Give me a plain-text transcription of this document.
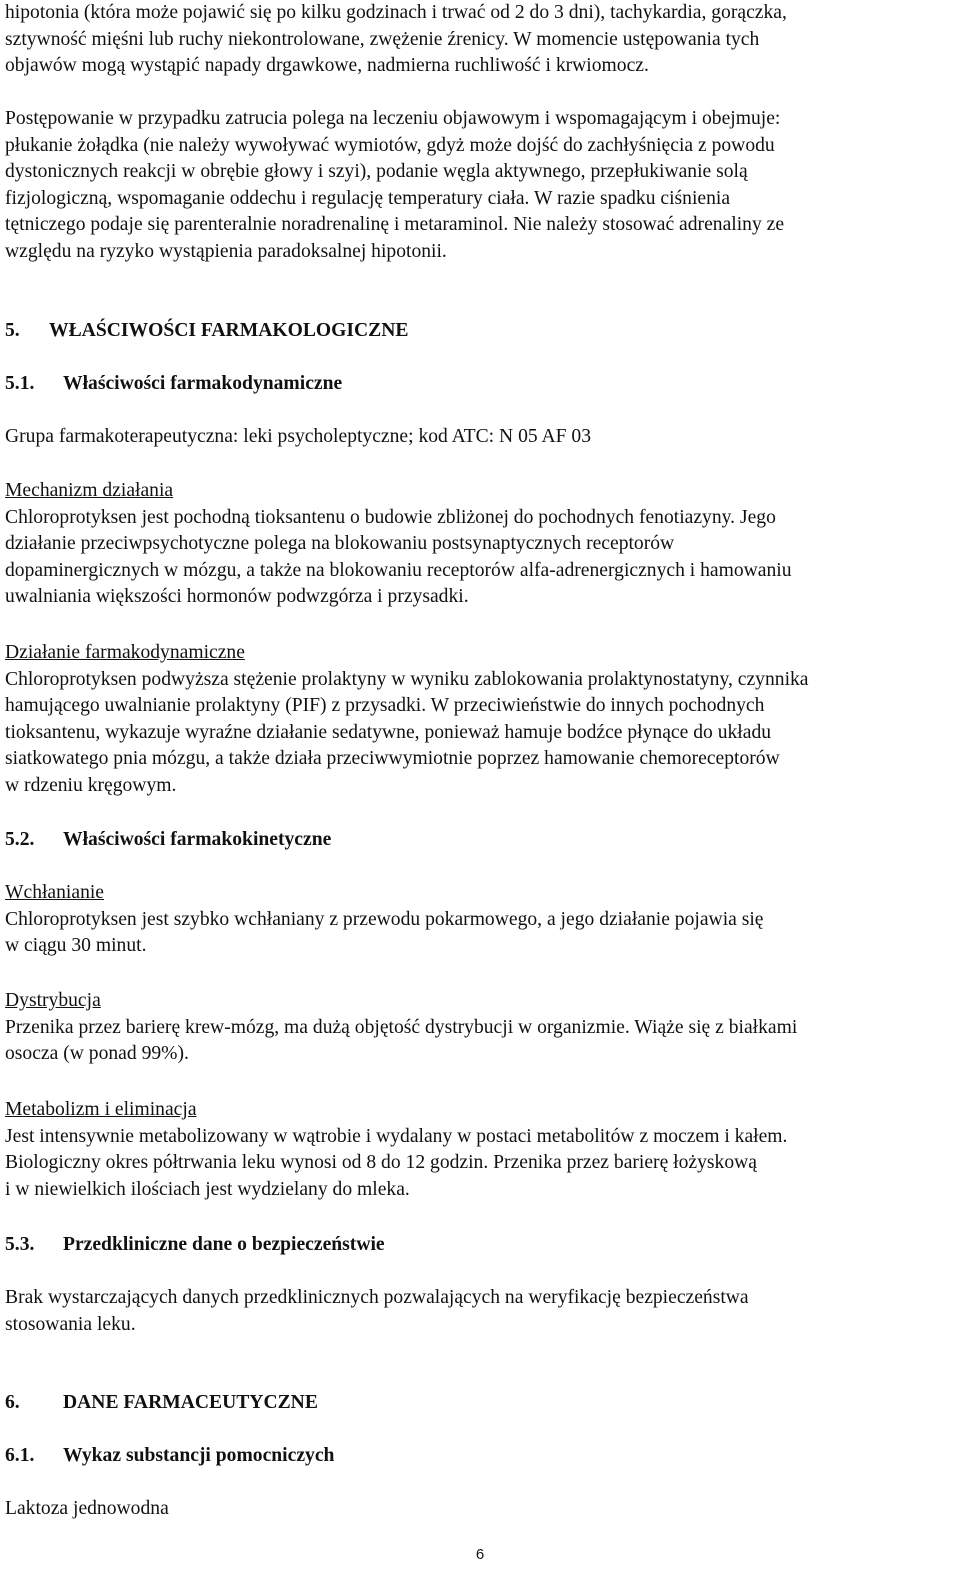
hipotonia (która może pojawić się po kilku godzinach i trwać od 2 do 3 dni), tachykardia, gorączka,

sztywność mięśni lub ruchy niekontrolowane, zwężenie źrenicy. W momencie ustępowania tych

objawów mogą wystąpić napady drgawkowe, nadmierna ruchliwość i krwiomocz.

Postępowanie w przypadku zatrucia polega na leczeniu objawowym i wspomagającym i obejmuje:

płukanie żołądka (nie należy wywoływać wymiotów, gdyż może dojść do zachłyśnięcia z powodu

dystonicznych reakcji w obrębie głowy i szyi), podanie węgla aktywnego, przepłukiwanie solą

fizjologiczną, wspomaganie oddechu i regulację temperatury ciała. W razie spadku ciśnienia

tętniczego podaje się parenteralnie noradrenalinę i metaraminol. Nie należy stosować adrenaliny ze

względu na ryzyko wystąpienia paradoksalnej hipotonii.

5. WŁAŚCIWOŚCI FARMAKOLOGICZNE
5.1. Właściwości farmakodynamiczne

Grupa farmakoterapeutyczna: leki psycholeptyczne; kod ATC: N 05 AF 03

Mechanizm działania

Chloroprotyksen jest pochodną tioksantenu o budowie zbliżonej do pochodnych fenotiazyny. Jego

działanie przeciwpsychotyczne polega na blokowaniu postsynaptycznych receptorów

dopaminergicznych w mózgu, a także na blokowaniu receptorów alfa-adrenergicznych i hamowaniu

uwalniania większości hormonów podwzgórza i przysadki.

Działanie farmakodynamiczne

Chloroprotyksen podwyższa stężenie prolaktyny w wyniku zablokowania prolaktynostatyny, czynnika

hamującego uwalnianie prolaktyny (PIF) z przysadki. W przeciwieństwie do innych pochodnych

tioksantenu, wykazuje wyraźne działanie sedatywne, ponieważ hamuje bodźce płynące do układu

siatkowatego pnia mózgu, a także działa przeciwwymiotnie poprzez hamowanie chemoreceptorów

w rdzeniu kręgowym.

5.2. Właściwości farmakokinetyczne

Wchłanianie

Chloroprotyksen jest szybko wchłaniany z przewodu pokarmowego, a jego działanie pojawia się

w ciągu 30 minut.

Dystrybucja

Przenika przez barierę krew-mózg, ma dużą objętość dystrybucji w organizmie. Wiąże się z białkami

osocza (w ponad 99%).

Metabolizm i eliminacja

Jest intensywnie metabolizowany w wątrobie i wydalany w postaci metabolitów z moczem i kałem.

Biologiczny okres półtrwania leku wynosi od 8 do 12 godzin. Przenika przez barierę łożyskową

i w niewielkich ilościach jest wydzielany do mleka.

5.3. Przedkliniczne dane o bezpieczeństwie

Brak wystarczających danych przedklinicznych pozwalających na weryfikację bezpieczeństwa

stosowania leku.

6. DANE FARMACEUTYCZNE
6.1. Wykaz substancji pomocniczych

Laktoza jednowodna

6
